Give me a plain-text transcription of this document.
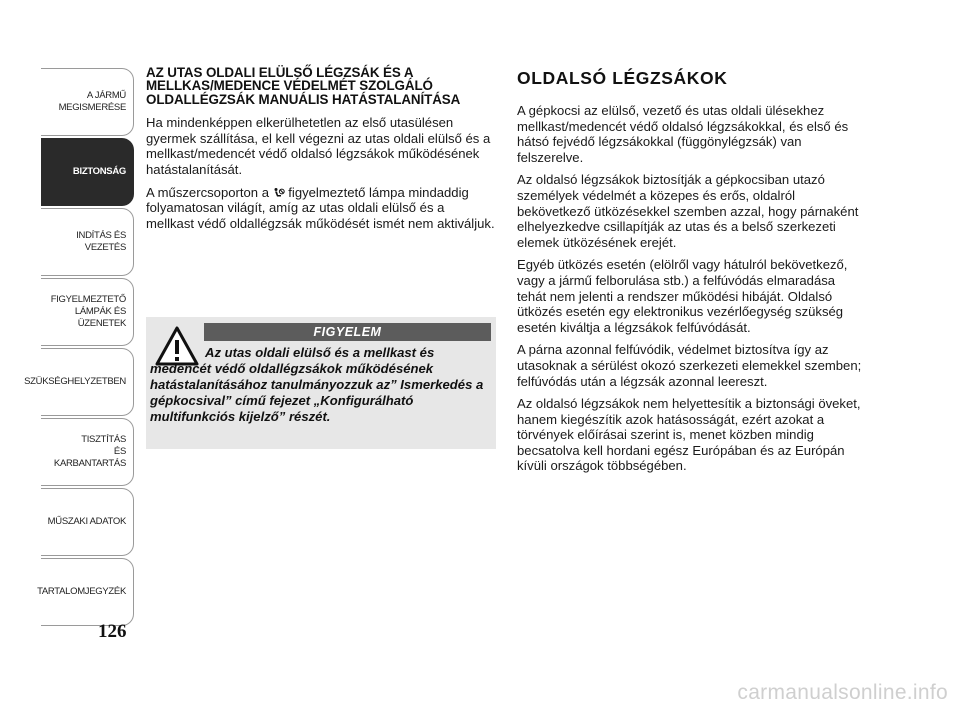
A JÁRMŰ
MEGISMERÉSE
BIZTONSÁG
INDÍTÁS ÉS VEZETÉS
FIGYELMEZTETŐ
LÁMPÁK ÉS
ÜZENETEK
SZÜKSÉGHELYZETBEN
TISZTÍTÁS
ÉS KARBANTARTÁS
MŰSZAKI ADATOK
TARTALOMJEGYZÉK
126
AZ UTAS OLDALI ELÜLSŐ LÉGZSÁK ÉS A MELLKAS/MEDENCE VÉDELMÉT SZOLGÁLÓ OLDALLÉGZSÁK MANUÁLIS HATÁSTALANÍTÁSA

Ha mindenképpen elkerülhetetlen az első utasülésen gyermek szállítása, el kell végezni az utas oldali elülső és a mellkast/medencét védő oldalsó légzsákok működésének hatástalanítását.

A műszercsoporton a  figyelmeztető lámpa mindaddig folyamatosan világít, amíg az utas oldali elülső és a mellkast védő oldallégzsák működését ismét nem aktiváljuk.

FIGYELEM
Az utas oldali elülső és a mellkast és medencét védő oldallégzsákok működésének hatástalanításához tanulmányozzuk az” Ismerkedés a gépkocsival” című fejezet „Konfigurálható multifunkciós kijelző” részét.
OLDALSÓ LÉGZSÁKOK

A gépkocsi az elülső, vezető és utas oldali ülésekhez mellkast/medencét védő oldalsó légzsákokkal, és első és hátsó fejvédő légzsákokkal (függönylégzsák) van felszerelve.

Az oldalsó légzsákok biztosítják a gépkocsiban utazó személyek védelmét a közepes és erős, oldalról bekövetkező ütközésekkel szemben azzal, hogy párnaként elhelyezkedve csillapítják az utas és a belső szerkezeti elemek ütközésének erejét.

Egyéb ütközés esetén (elölről vagy hátulról bekövetkező, vagy a jármű felborulása stb.) a felfúvódás elmaradása tehát nem jelenti a rendszer működési hibáját. Oldalsó ütközés esetén egy elektronikus vezérlőegység szükség esetén kiváltja a légzsákok felfúvódását.

A párna azonnal felfúvódik, védelmet biztosítva így az utasoknak a sérülést okozó szerkezeti elemekkel szemben; felfúvódás után a légzsák azonnal leereszt.

Az oldalsó légzsákok nem helyettesítik a biztonsági öveket, hanem kiegészítik azok hatásosságát, ezért azokat a törvények előírásai szerint is, menet közben mindig becsatolva kell hordani egész Európában és az Európán kívüli országok többségében.

carmanualsonline.info
